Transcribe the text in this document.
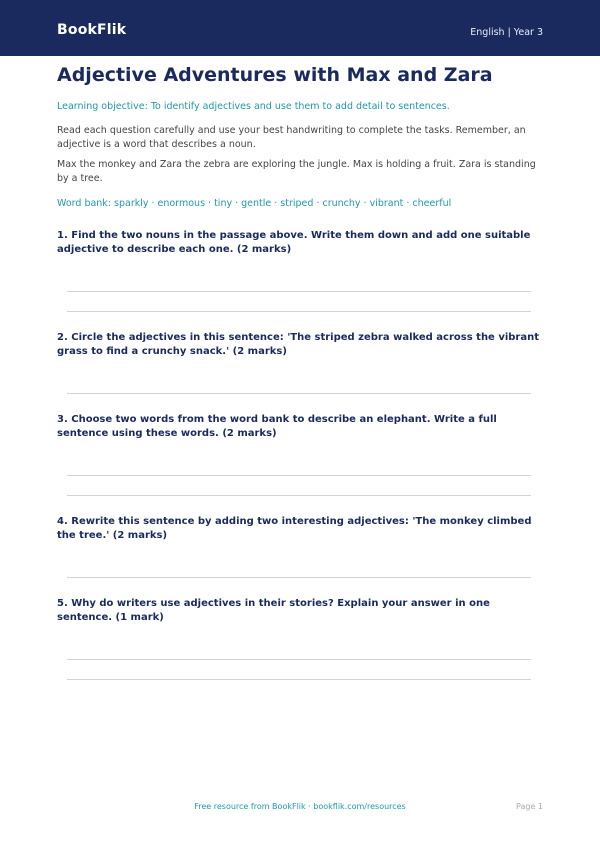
BookFlik	English | Year 3
Adjective Adventures with Max and Zara
Learning objective: To identify adjectives and use them to add detail to sentences.
Read each question carefully and use your best handwriting to complete the tasks. Remember, an adjective is a word that describes a noun.
Max the monkey and Zara the zebra are exploring the jungle. Max is holding a fruit. Zara is standing by a tree.
Word bank: sparkly · enormous · tiny · gentle · striped · crunchy · vibrant · cheerful
1. Find the two nouns in the passage above. Write them down and add one suitable adjective to describe each one. (2 marks)
2. Circle the adjectives in this sentence: 'The striped zebra walked across the vibrant grass to find a crunchy snack.' (2 marks)
3. Choose two words from the word bank to describe an elephant. Write a full sentence using these words. (2 marks)
4. Rewrite this sentence by adding two interesting adjectives: 'The monkey climbed the tree.' (2 marks)
5. Why do writers use adjectives in their stories? Explain your answer in one sentence. (1 mark)
Free resource from BookFlik · bookflik.com/resources	Page 1
